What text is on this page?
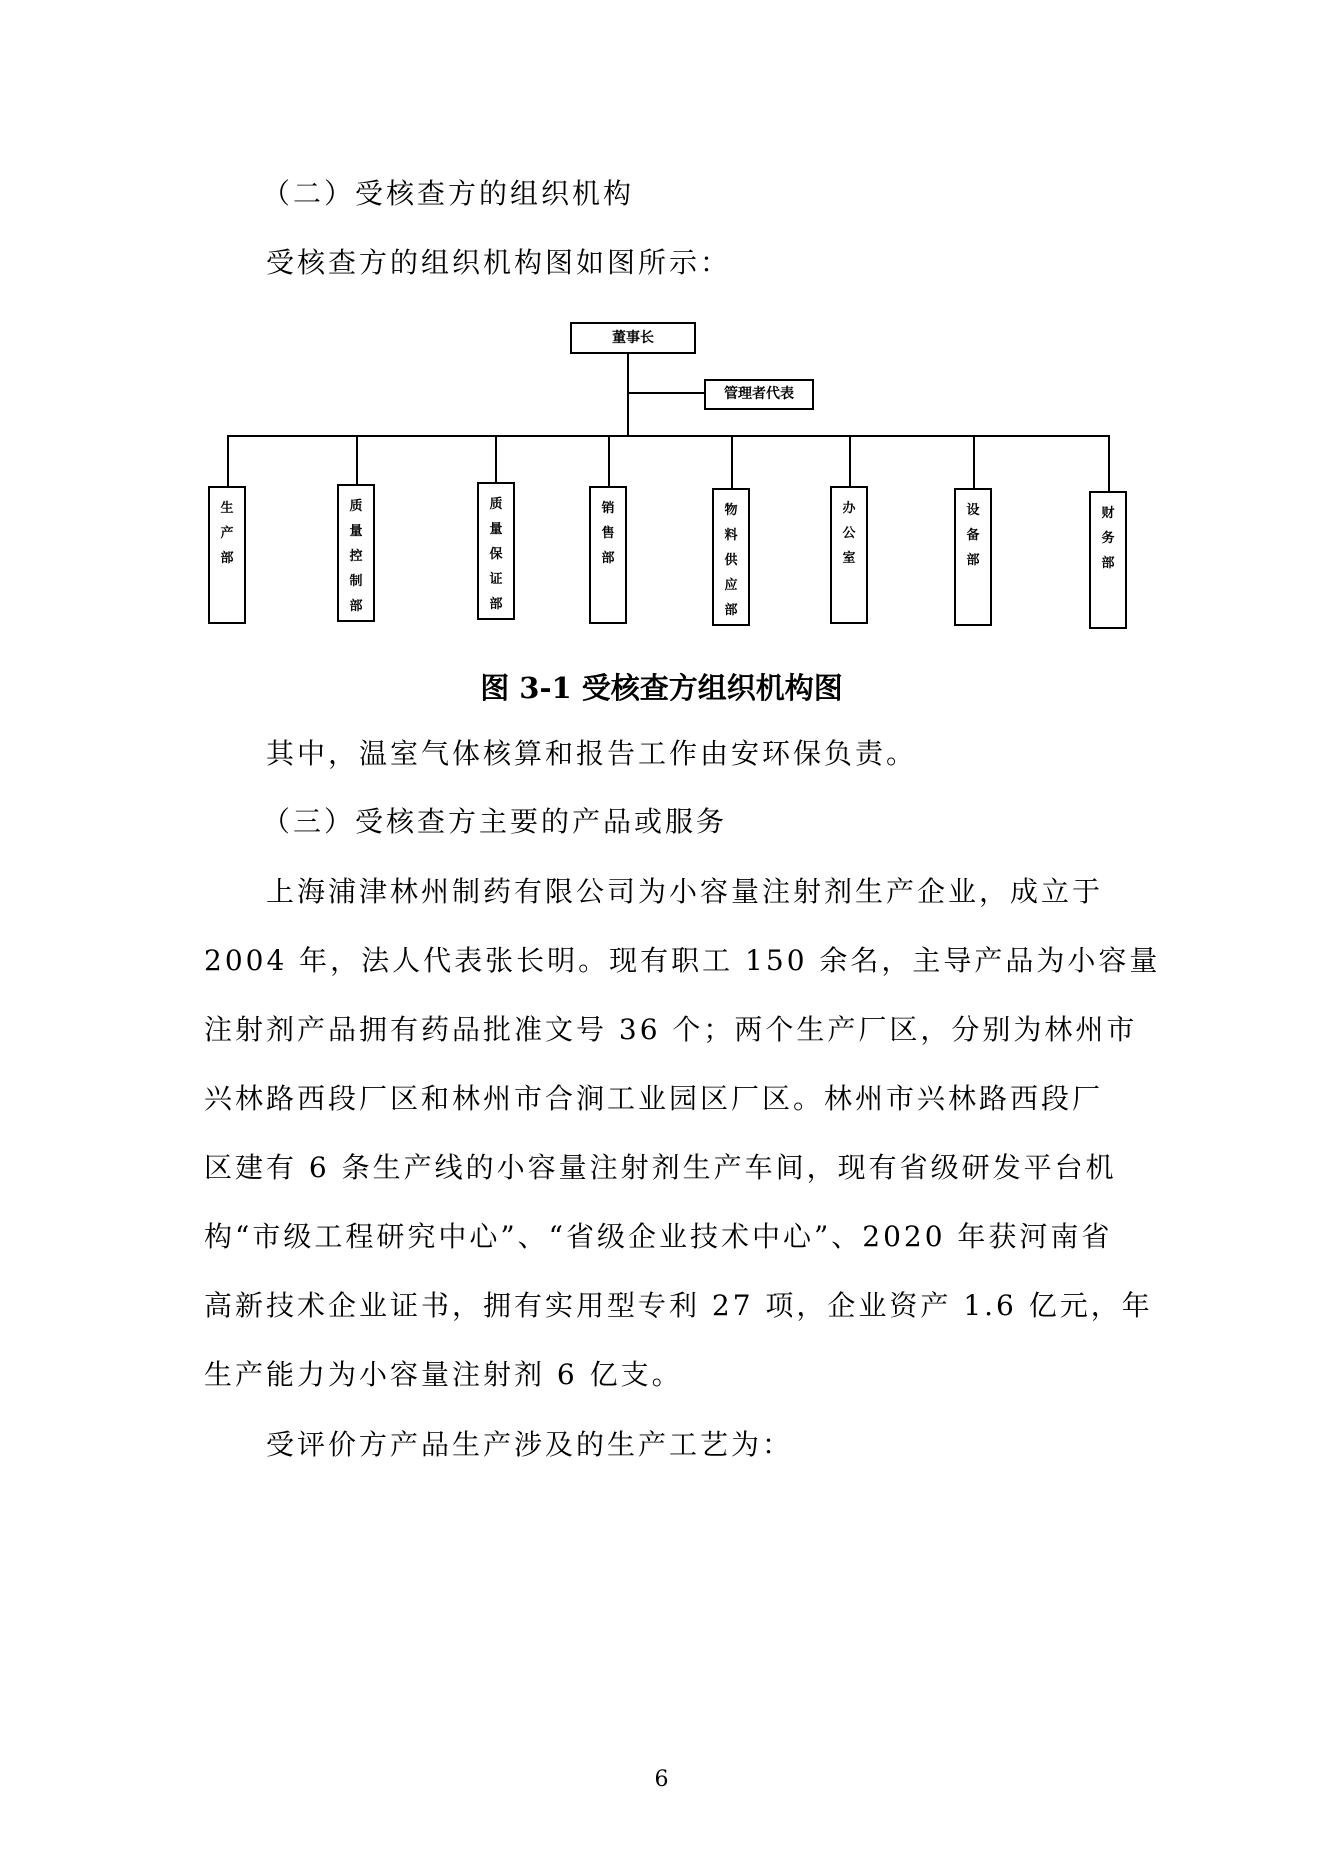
（二）受核查方的组织机构
受核查方的组织机构图如图所示：
董事长
管理者代表
生产部
质量控制部
质量保证部
销售部
物料供应部
办公室
设备部
财务部
图 3-1 受核查方组织机构图
其中，温室气体核算和报告工作由安环保负责。
（三）受核查方主要的产品或服务
上海浦津林州制药有限公司为小容量注射剂生产企业，成立于
2004 年，法人代表张长明。现有职工 150 余名，主导产品为小容量
注射剂产品拥有药品批准文号 36 个；两个生产厂区，分别为林州市
兴林路西段厂区和林州市合涧工业园区厂区。林州市兴林路西段厂
区建有 6 条生产线的小容量注射剂生产车间，现有省级研发平台机
构“市级工程研究中心”、“省级企业技术中心”、2020 年获河南省
高新技术企业证书，拥有实用型专利 27 项，企业资产 1.6 亿元，年
生产能力为小容量注射剂 6 亿支。
受评价方产品生产涉及的生产工艺为：
6
